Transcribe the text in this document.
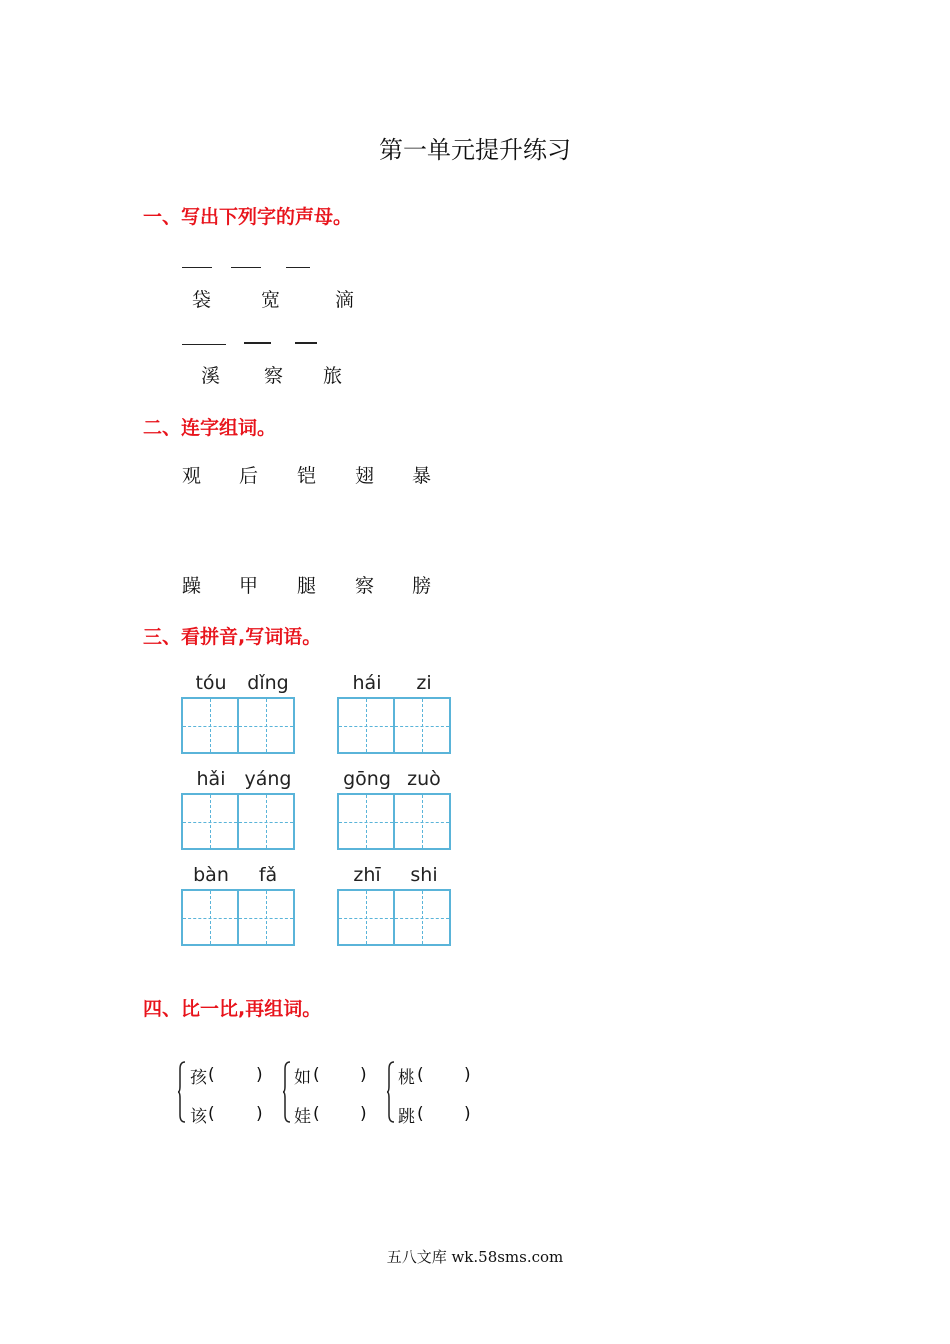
第一单元提升练习
一、写出下列字的声母。
袋	宽	滴
溪 察 旅
二、连字组词。
观 后 铠 翅 暴
躁 甲 腿 察 膀
三、看拼音,写词语。
tóu	dǐng	hái	zi
hǎi	yáng	gōng zuò
bàn	fǎ	zhī	shi
四、比一比,再组词。
孩 ( )
该 ( )
如 ( )
娃 ( )
桃 ( )
跳 ( )
五八文库 wk.58sms.com
